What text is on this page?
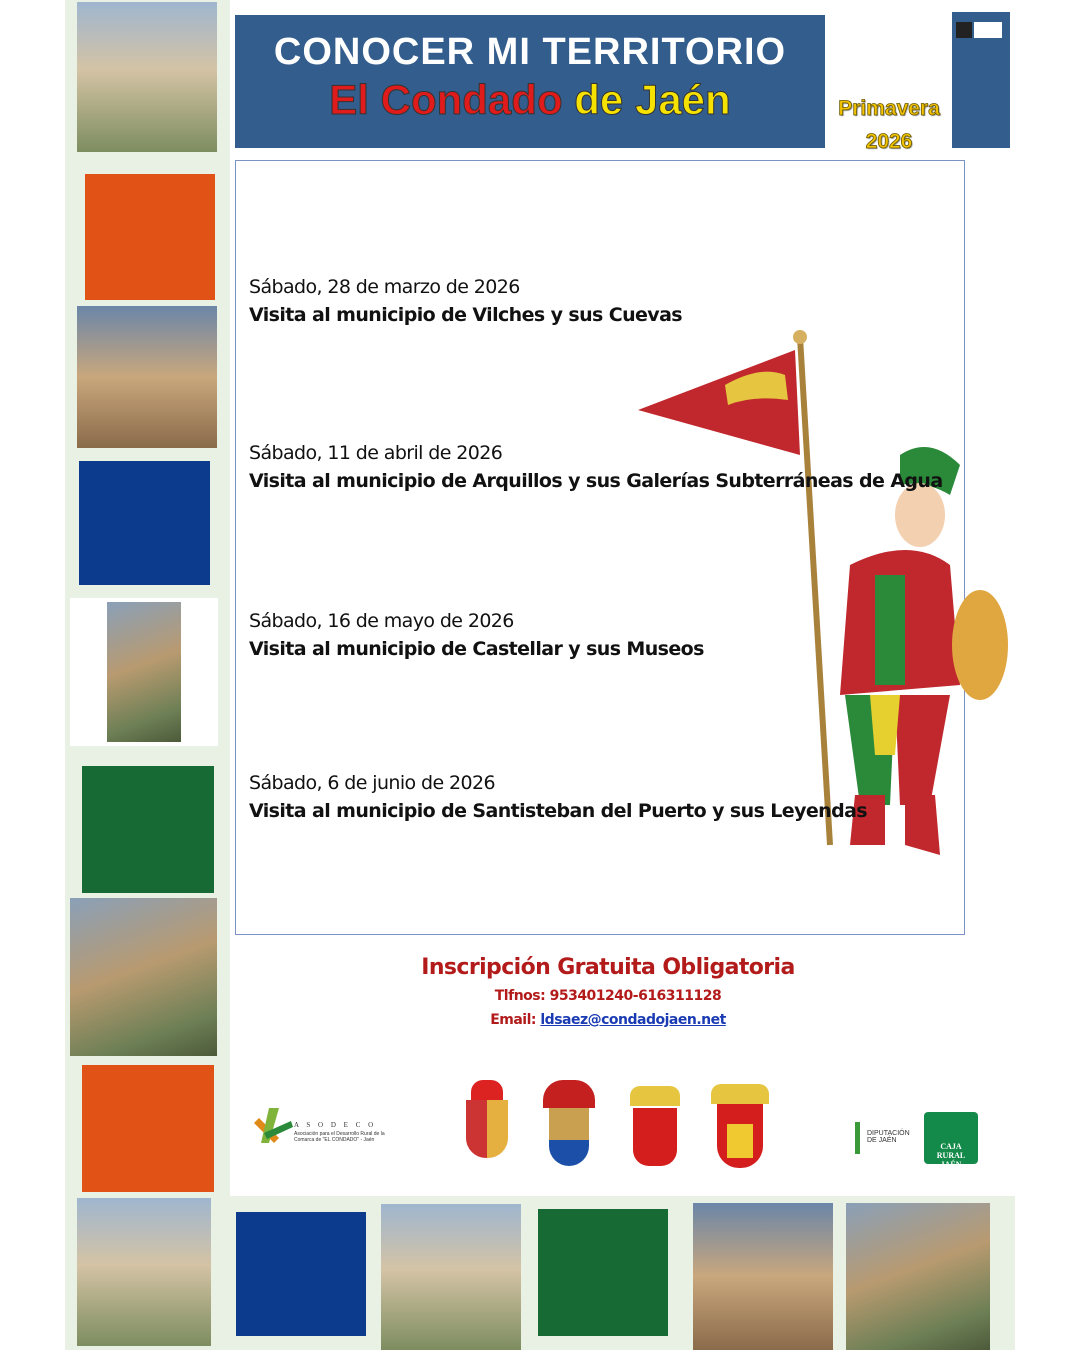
CONOCER MI TERRITORIO
El Condado de Jaén	Primavera
2026
Sábado, 28 de marzo de 2026
Visita al municipio de Vilches y sus Cuevas
Sábado, 11 de abril de 2026
Visita al municipio de Arquillos y sus Galerías Subterráneas de Agua
Sábado, 16 de mayo de 2026
Visita al municipio de Castellar y sus Museos
Sábado, 6 de junio de 2026
Visita al municipio de Santisteban del Puerto y sus Leyendas
Inscripción Gratuita Obligatoria
Tlfnos: 953401240-616311128
Email: ldsaez@condadojaen.net
A S O D E C O
Asociación para el Desarrollo Rural de la Comarca de "EL CONDADO" - Jaén
DIPUTACIÓN DE JAÉN
CAJA RURAL JAÉN
